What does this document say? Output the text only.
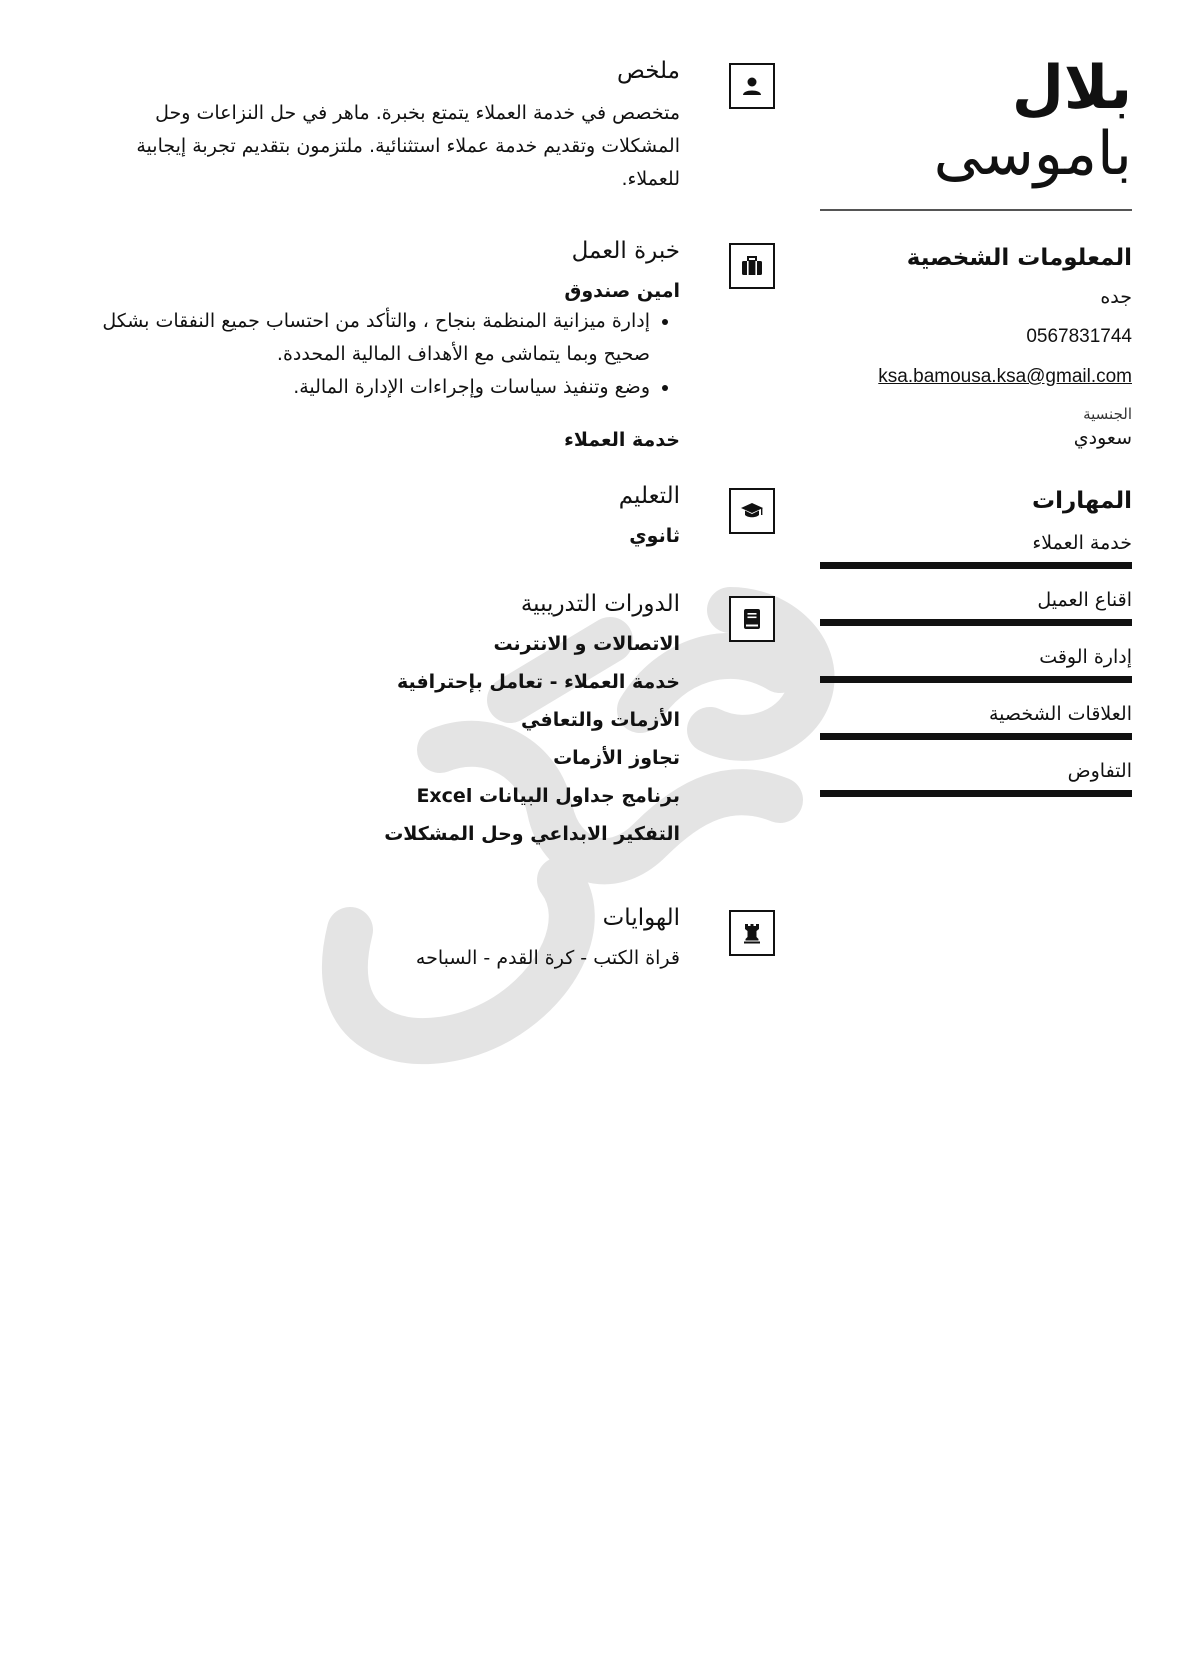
بلال
باموسى
المعلومات الشخصية
جده
0567831744
ksa.bamousa.ksa@gmail.com
الجنسية
سعودي
المهارات
خدمة العملاء
اقناع العميل
إدارة الوقت
العلاقات الشخصية
التفاوض
ملخص

متخصص في خدمة العملاء يتمتع بخبرة. ماهر في حل النزاعات وحل المشكلات وتقديم خدمة عملاء استثنائية. ملتزمون بتقديم تجربة إيجابية للعملاء.

خبرة العمل
امين صندوق
• إدارة ميزانية المنظمة بنجاح ، والتأكد من احتساب جميع النفقات بشكل صحيح وبما يتماشى مع الأهداف المالية المحددة.
• وضع وتنفيذ سياسات وإجراءات الإدارة المالية.
خدمة العملاء
التعليم
ثانوي
الدورات التدريبية
الاتصالات و الانترنت
خدمة العملاء - تعامل بإحترافية
الأزمات والتعافي
تجاوز الأزمات
برنامج جداول البيانات Excel
التفكير الابداعي وحل المشكلات
الهوايات

قراة الكتب - كرة القدم - السباحه
